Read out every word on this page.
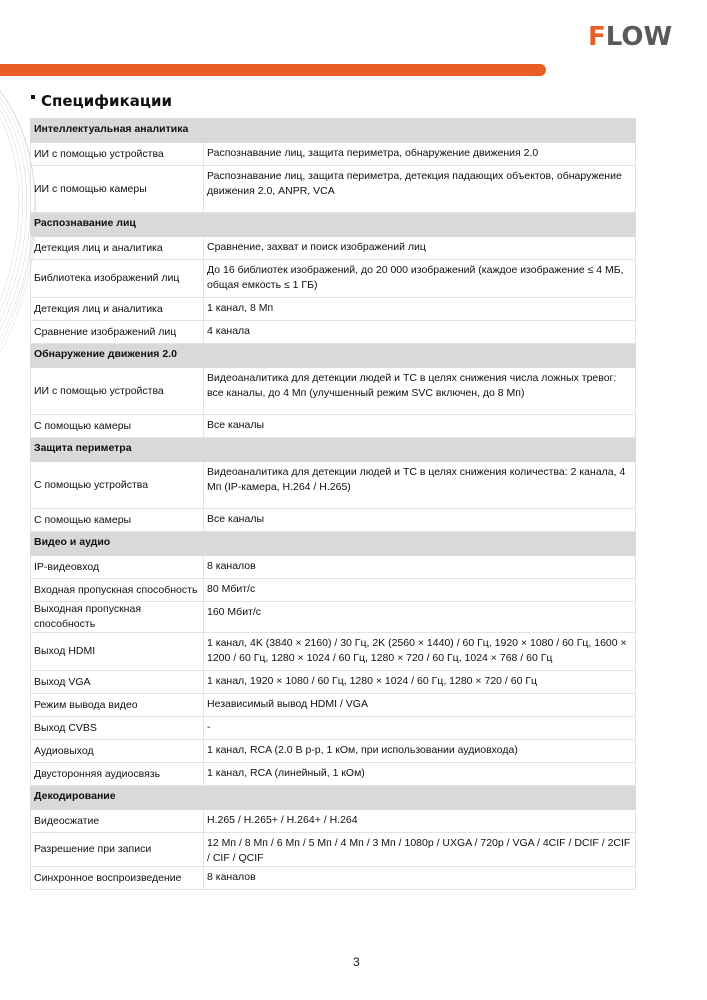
FLOW
Спецификации
Интеллектуальная аналитика	
ИИ с помощью устройства	Распознавание лиц, защита периметра, обнаружение движения 2.0
ИИ с помощью камеры	Распознавание лиц, защита периметра, детекция падающих объектов, обнаружение движения 2.0, ANPR, VCA
Распознавание лиц	
Детекция лиц и аналитика	Сравнение, захват и поиск изображений лиц
Библиотека изображений лиц	До 16 библиотек изображений, до 20 000 изображений (каждое изображение ≤ 4 МБ, общая емкость ≤ 1 ГБ)
Детекция лиц и аналитика	1 канал, 8 Мп
Сравнение изображений лиц	4 канала
Обнаружение движения 2.0	
ИИ с помощью устройства	Видеоаналитика для детекции людей и ТС в целях снижения числа ложных тревог: все каналы, до 4 Мп (улучшенный режим SVC включен, до 8 Мп)
С помощью камеры	Все каналы
Защита периметра	
С помощью устройства	Видеоаналитика для детекции людей и ТС в целях снижения количества: 2 канала, 4 Мп (IP-камера, H.264 / H.265)
С помощью камеры	Все каналы
Видео и аудио	
IP-видеовход	8 каналов
Входная пропускная способность	80 Мбит/с
Выходная пропускная способность	160 Мбит/с
Выход HDMI	1 канал, 4K (3840 × 2160) / 30 Гц, 2K (2560 × 1440) / 60 Гц, 1920 × 1080 / 60 Гц, 1600 × 1200 / 60 Гц, 1280 × 1024 / 60 Гц, 1280 × 720 / 60 Гц, 1024 × 768 / 60 Гц
Выход VGA	1 канал, 1920 × 1080 / 60 Гц, 1280 × 1024 / 60 Гц, 1280 × 720 / 60 Гц
Режим вывода видео	Независимый вывод HDMI / VGA
Выход CVBS	-
Аудиовыход	1 канал, RCA (2.0 В р-р, 1 кОм, при использовании аудиовхода)
Двусторонняя аудиосвязь	1 канал, RCA (линейный, 1 кОм)
Декодирование	
Видеосжатие	H.265 / H.265+ / H.264+ / H.264
Разрешение при записи	12 Мп / 8 Мп / 6 Мп / 5 Мп / 4 Мп / 3 Мп / 1080p / UXGA / 720p / VGA / 4CIF / DCIF / 2CIF / CIF / QCIF
Синхронное воспроизведение	8 каналов
3
